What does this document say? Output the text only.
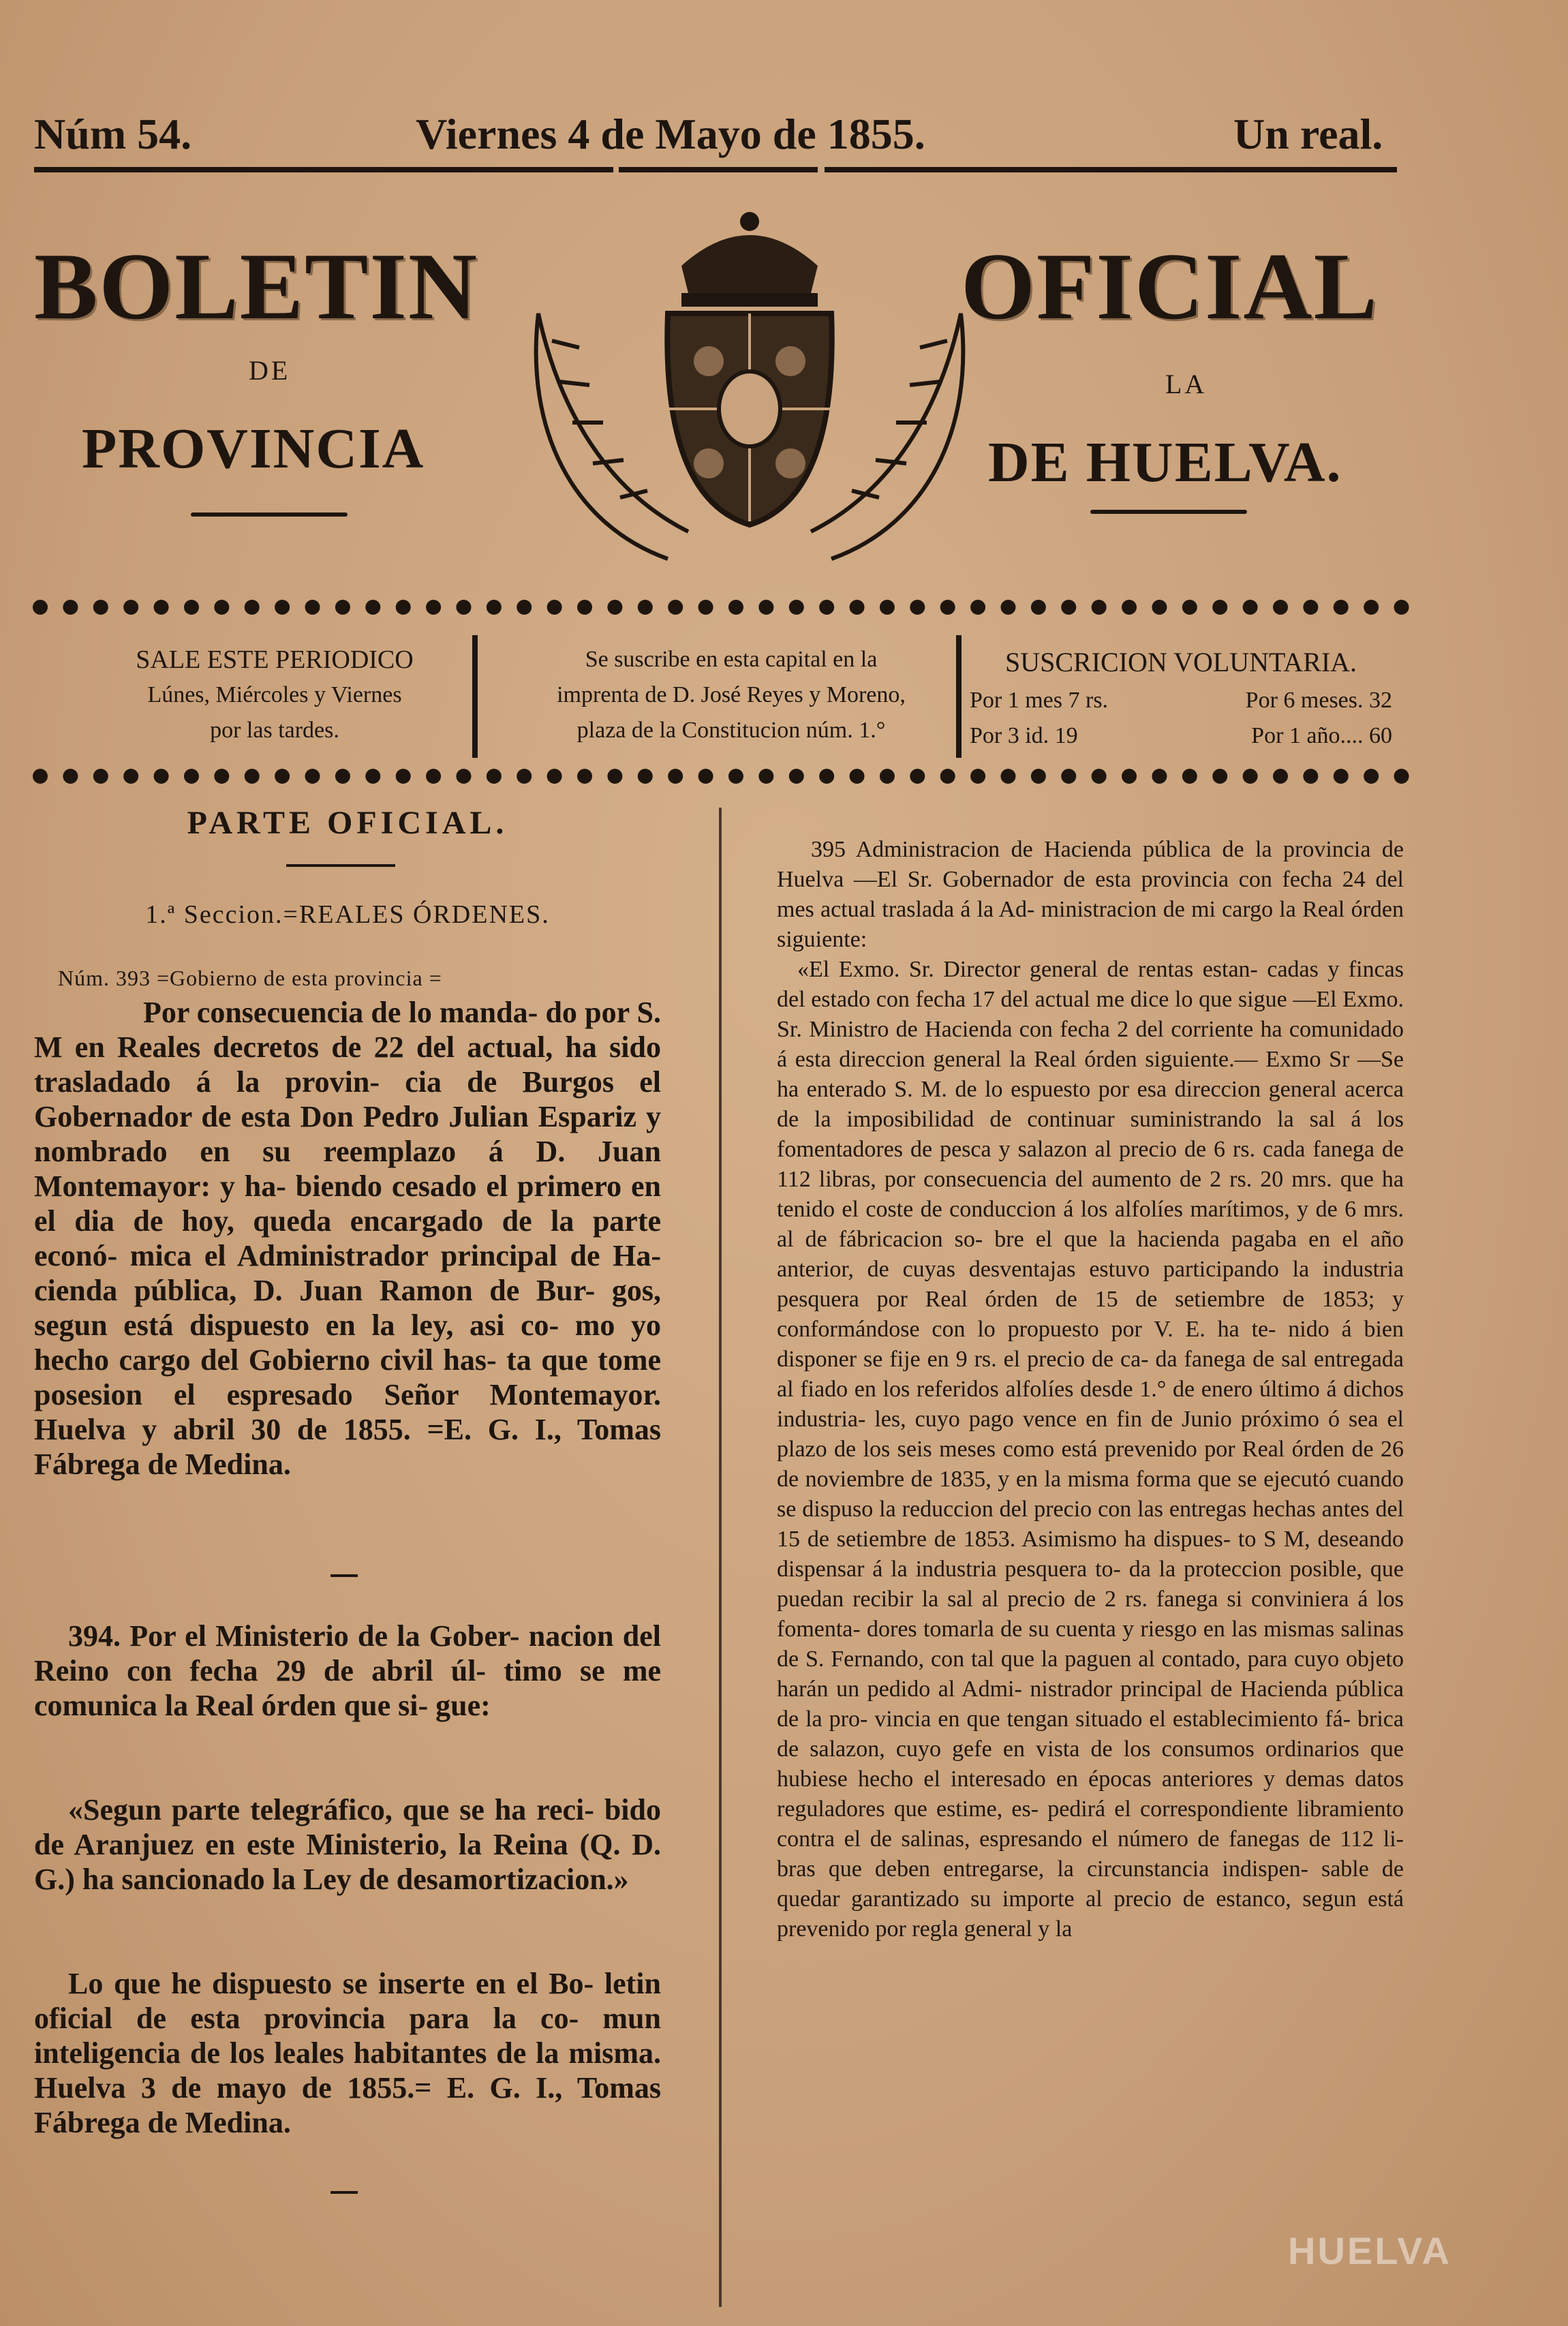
Núm 54.	Viernes 4 de Mayo de 1855.	Un real.
BOLETIN	OFICIAL
DE	LA
PROVINCIA	DE HUELVA.
SALE ESTE PERIODICO
Lúnes, Miércoles y Viernes
por las tardes.
Se suscribe en esta capital en la
imprenta de D. José Reyes y Moreno,
plaza de la Constitucion núm. 1.°
SUSCRICION VOLUNTARIA.
Por 1 mes 7 rs.	Por 6 meses. 32
Por 3 id. 19	Por 1 año.... 60
PARTE OFICIAL.
1.ª Seccion.=REALES ÓRDENES.
Núm. 393 =Gobierno de esta provincia =

Por consecuencia de lo manda- do por S. M en Reales decretos de 22 del actual, ha sido trasladado á la provin- cia de Burgos el Gobernador de esta Don Pedro Julian Espariz y nombrado en su reemplazo á D. Juan Montemayor: y ha- biendo cesado el primero en el dia de hoy, queda encargado de la parte econó- mica el Administrador principal de Ha- cienda pública, D. Juan Ramon de Bur- gos, segun está dispuesto en la ley, asi co- mo yo hecho cargo del Gobierno civil has- ta que tome posesion el espresado Señor Montemayor. Huelva y abril 30 de 1855. =E. G. I., Tomas Fábrega de Medina.

394. Por el Ministerio de la Gober- nacion del Reino con fecha 29 de abril úl- timo se me comunica la Real órden que si- gue:

«Segun parte telegráfico, que se ha reci- bido de Aranjuez en este Ministerio, la Reina (Q. D. G.) ha sancionado la Ley de desamortizacion.»

Lo que he dispuesto se inserte en el Bo- letin oficial de esta provincia para la co- mun inteligencia de los leales habitantes de la misma. Huelva 3 de mayo de 1855.= E. G. I., Tomas Fábrega de Medina.

395 Administracion de Hacienda pública de la provincia de Huelva —El Sr. Gobernador de esta provincia con fecha 24 del mes actual traslada á la Ad- ministracion de mi cargo la Real órden siguiente:

«El Exmo. Sr. Director general de rentas estan- cadas y fincas del estado con fecha 17 del actual me dice lo que sigue —El Exmo. Sr. Ministro de Hacienda con fecha 2 del corriente ha comunidado á esta direccion general la Real órden siguiente.— Exmo Sr —Se ha enterado S. M. de lo espuesto por esa direccion general acerca de la imposibilidad de continuar suministrando la sal á los fomentadores de pesca y salazon al precio de 6 rs. cada fanega de 112 libras, por consecuencia del aumento de 2 rs. 20 mrs. que ha tenido el coste de conduccion á los alfolíes marítimos, y de 6 mrs. al de fábricacion so- bre el que la hacienda pagaba en el año anterior, de cuyas desventajas estuvo participando la industria pesquera por Real órden de 15 de setiembre de 1853; y conformándose con lo propuesto por V. E. ha te- nido á bien disponer se fije en 9 rs. el precio de ca- da fanega de sal entregada al fiado en los referidos alfolíes desde 1.° de enero último á dichos industria- les, cuyo pago vence en fin de Junio próximo ó sea el plazo de los seis meses como está prevenido por Real órden de 26 de noviembre de 1835, y en la misma forma que se ejecutó cuando se dispuso la reduccion del precio con las entregas hechas antes del 15 de setiembre de 1853. Asimismo ha dispues- to S M, deseando dispensar á la industria pesquera to- da la proteccion posible, que puedan recibir la sal al precio de 2 rs. fanega si conviniera á los fomenta- dores tomarla de su cuenta y riesgo en las mismas salinas de S. Fernando, con tal que la paguen al contado, para cuyo objeto harán un pedido al Admi- nistrador principal de Hacienda pública de la pro- vincia en que tengan situado el establecimiento fá- brica de salazon, cuyo gefe en vista de los consumos ordinarios que hubiese hecho el interesado en épocas anteriores y demas datos reguladores que estime, es- pedirá el correspondiente libramiento contra el de salinas, espresando el número de fanegas de 112 li- bras que deben entregarse, la circunstancia indispen- sable de quedar garantizado su importe al precio de estanco, segun está prevenido por regla general y la

HUELVA
